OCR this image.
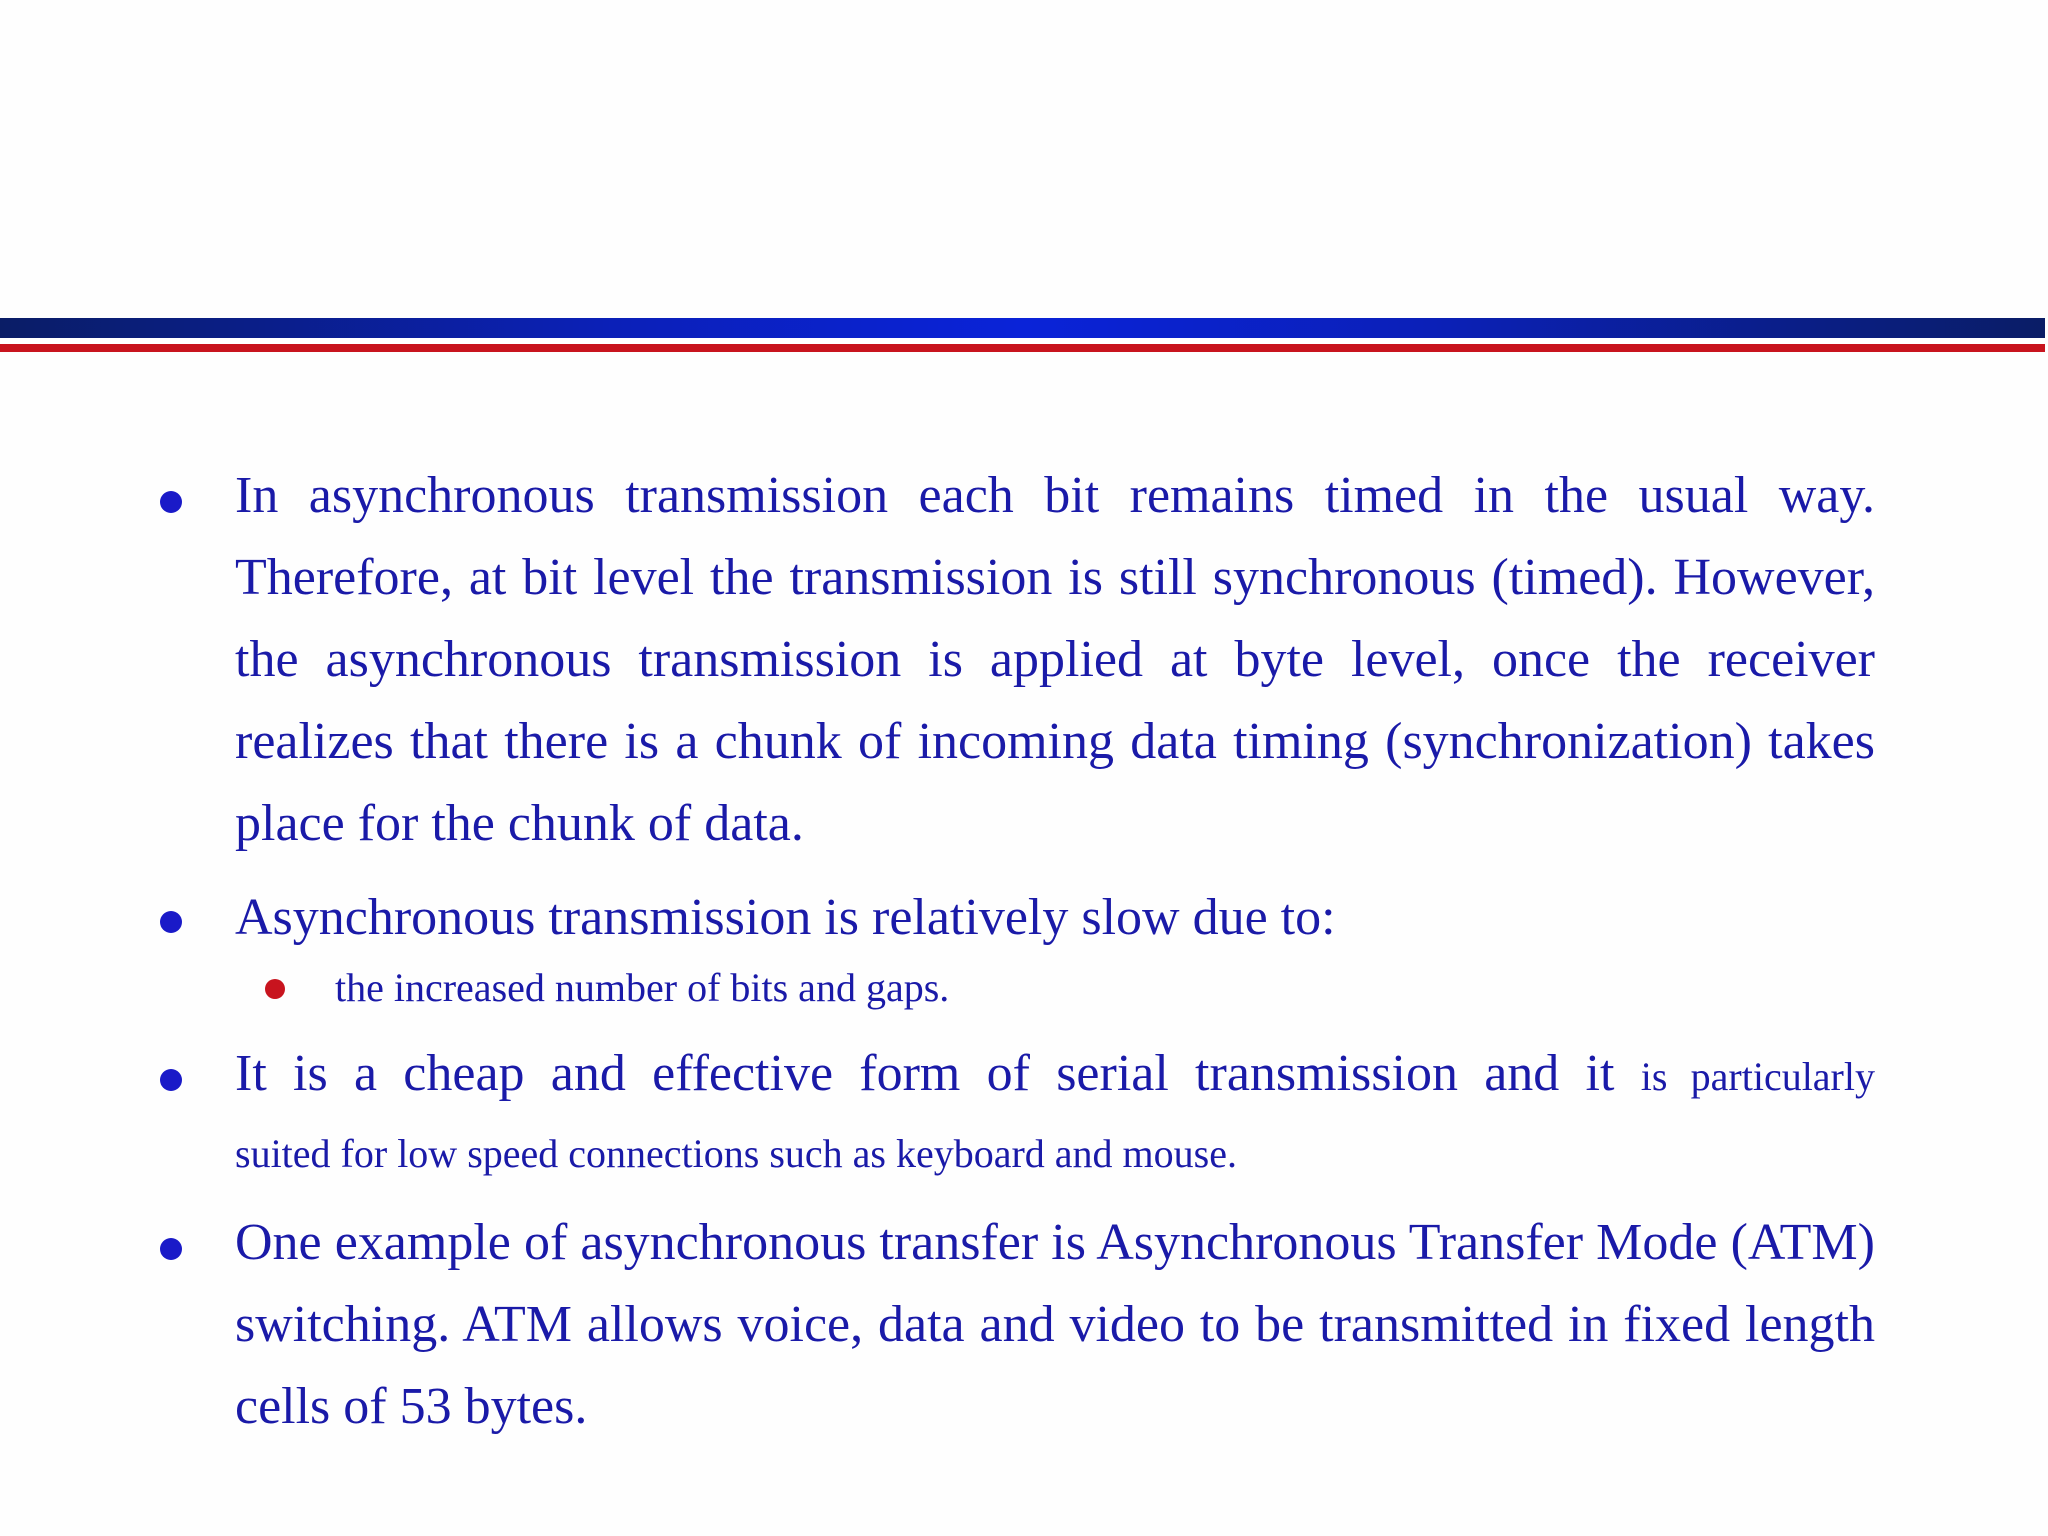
In asynchronous transmission each bit remains timed in the usual way. Therefore, at bit level the transmission is still synchronous (timed). However, the asynchronous transmission is applied at byte level, once the receiver realizes that there is a chunk of incoming data timing (synchronization) takes place for the chunk of data.
Asynchronous transmission is relatively slow due to:
the increased number of bits and gaps.
It is a cheap and effective form of serial transmission and it is particularly
suited for low speed connections such as keyboard and mouse.
One example of asynchronous transfer is Asynchronous Transfer Mode (ATM) switching. ATM allows voice, data and video to be transmitted in fixed length cells of 53 bytes.
